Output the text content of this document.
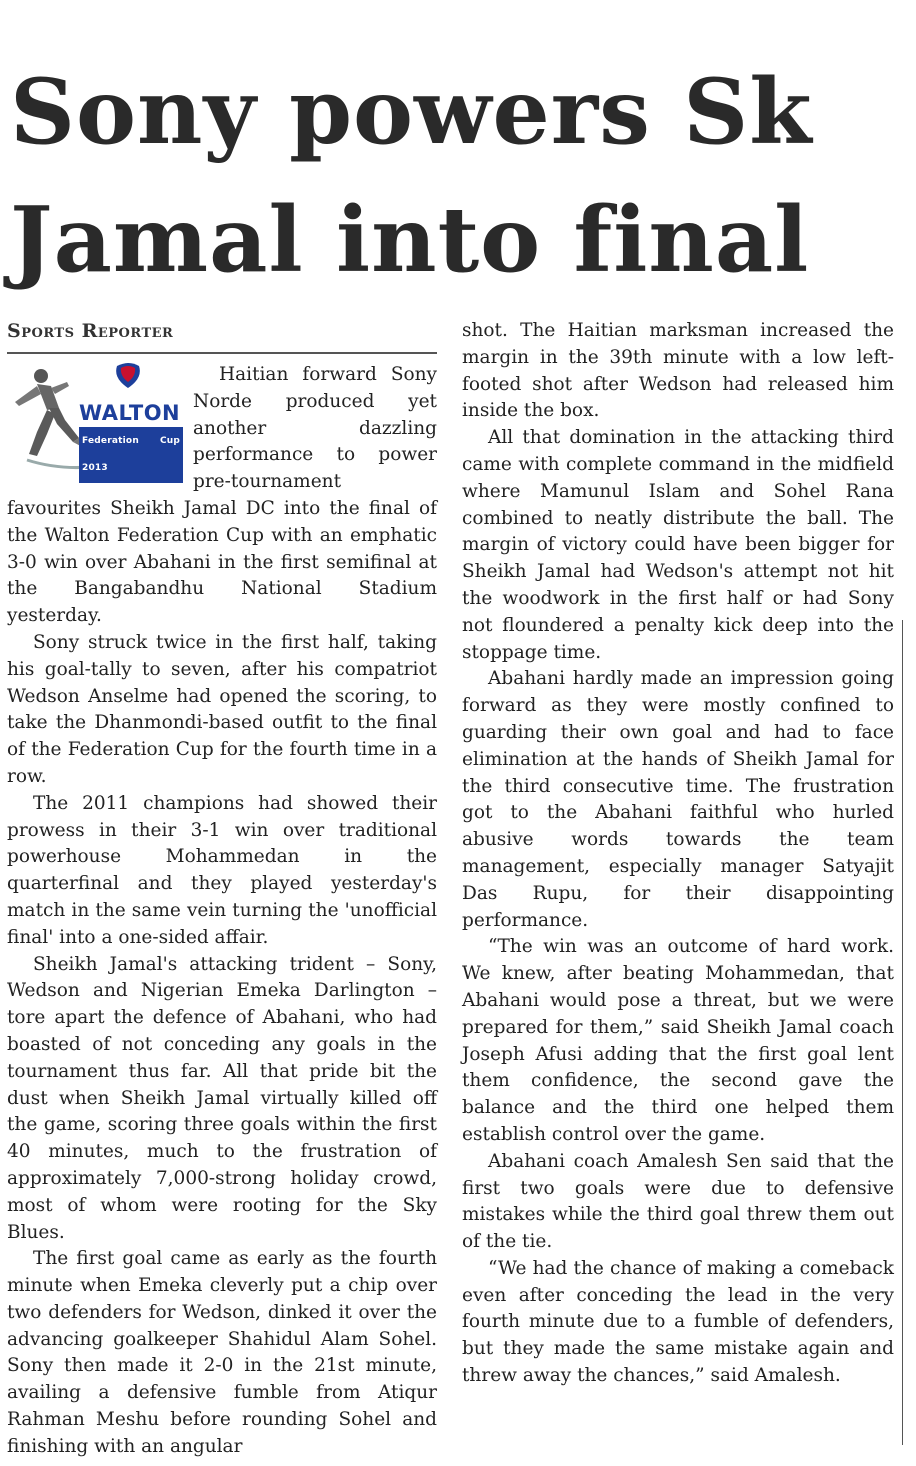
Sony powers Sk Jamal into final
Sports Reporter
WALTON
Federation Cup 2013

Haitian forward Sony Norde produced yet another dazzling performance to power pre-tournament favourites Sheikh Jamal DC into the final of the Walton Federation Cup with an emphatic 3-0 win over Abahani in the first semifinal at the Bangabandhu National Stadium yesterday.

Sony struck twice in the first half, taking his goal-tally to seven, after his compatriot Wedson Anselme had opened the scoring, to take the Dhanmondi-based outfit to the final of the Federation Cup for the fourth time in a row.

The 2011 champions had showed their prowess in their 3-1 win over traditional powerhouse Mohammedan in the quarterfinal and they played yesterday's match in the same vein turning the 'unofficial final' into a one-sided affair.

Sheikh Jamal's attacking trident – Sony, Wedson and Nigerian Emeka Darlington – tore apart the defence of Abahani, who had boasted of not conceding any goals in the tournament thus far. All that pride bit the dust when Sheikh Jamal virtually killed off the game, scoring three goals within the first 40 minutes, much to the frustration of approximately 7,000-strong holiday crowd, most of whom were rooting for the Sky Blues.

The first goal came as early as the fourth minute when Emeka cleverly put a chip over two defenders for Wedson, dinked it over the advancing goalkeeper Shahidul Alam Sohel. Sony then made it 2-0 in the 21st minute, availing a defensive fumble from Atiqur Rahman Meshu before rounding Sohel and finishing with an angular

shot. The Haitian marksman increased the margin in the 39th minute with a low left-footed shot after Wedson had released him inside the box.

All that domination in the attacking third came with complete command in the midfield where Mamunul Islam and Sohel Rana combined to neatly distribute the ball. The margin of victory could have been bigger for Sheikh Jamal had Wedson's attempt not hit the woodwork in the first half or had Sony not floundered a penalty kick deep into the stoppage time.

Abahani hardly made an impression going forward as they were mostly confined to guarding their own goal and had to face elimination at the hands of Sheikh Jamal for the third consecutive time. The frustration got to the Abahani faithful who hurled abusive words towards the team management, especially manager Satyajit Das Rupu, for their disappointing performance.

“The win was an outcome of hard work. We knew, after beating Mohammedan, that Abahani would pose a threat, but we were prepared for them,” said Sheikh Jamal coach Joseph Afusi adding that the first goal lent them confidence, the second gave the balance and the third one helped them establish control over the game.

Abahani coach Amalesh Sen said that the first two goals were due to defensive mistakes while the third goal threw them out of the tie.

“We had the chance of making a comeback even after conceding the lead in the very fourth minute due to a fumble of defenders, but they made the same mistake again and threw away the chances,” said Amalesh.
